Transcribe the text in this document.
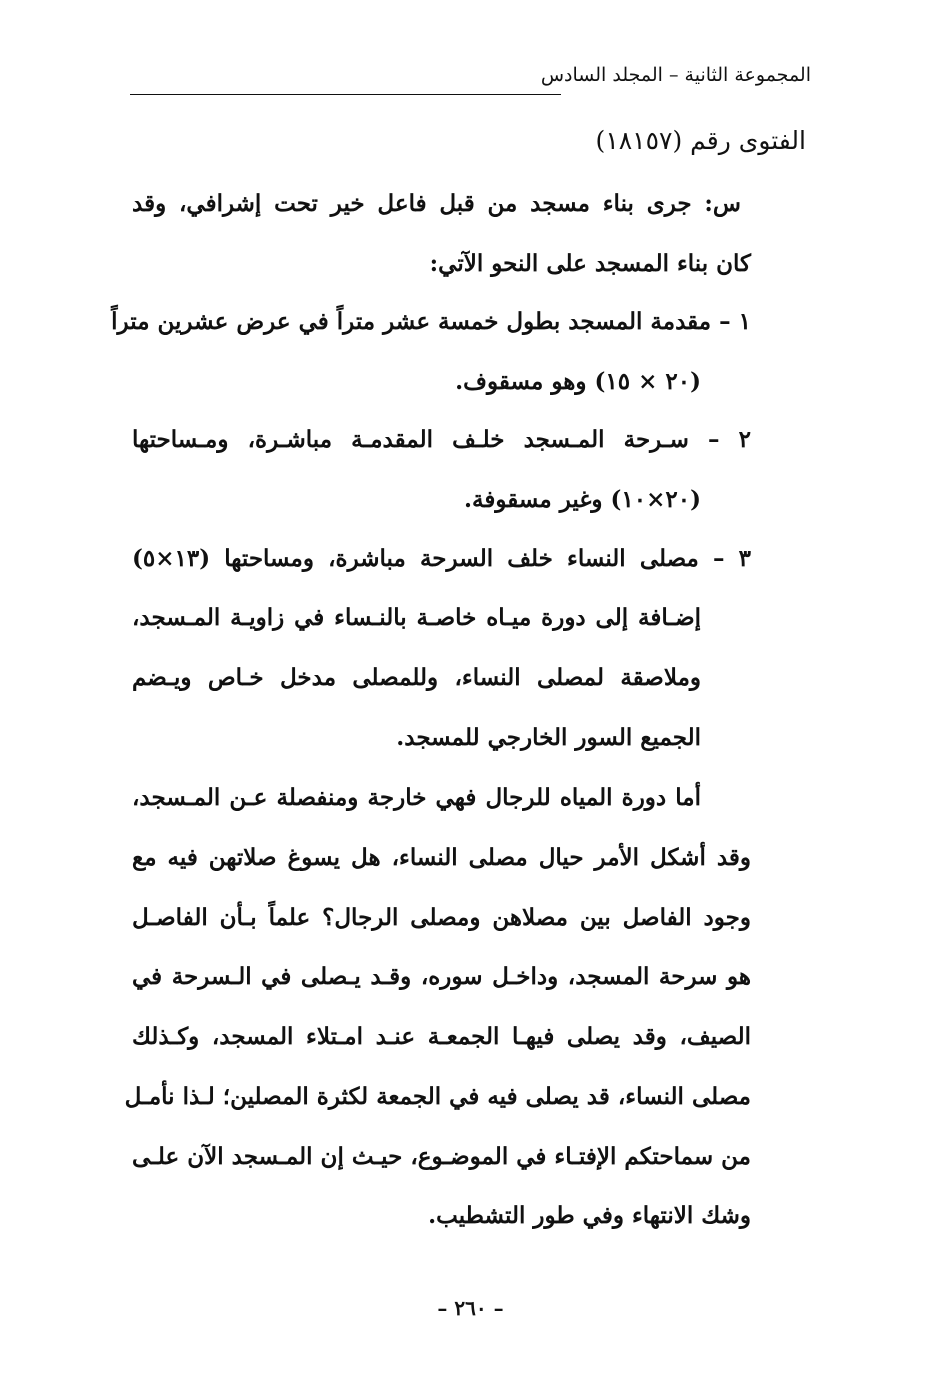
المجموعة الثانية – المجلد السادس
الفتوى رقم (١٨١٥٧)
س: جرى بناء مسجد من قبل فاعل خير تحت إشرافي، وقد
كان بناء المسجد على النحو الآتي:
١ – مقدمة المسجد بطول خمسة عشر متراً في عرض عشرين متراً
(٢٠ × ١٥) وهو مسقوف.
٢ – سـرحة المـسجد خلـف المقدمـة مباشـرة، ومـساحتها
(٢٠×١٠) وغير مسقوفة.
٣ – مصلى النساء خلف السرحة مباشرة، ومساحتها (١٣×٥)
إضـافة إلى دورة ميـاه خاصـة بالنـساء في زاويـة المـسجد،
وملاصقة لمصلى النساء، وللمصلى مدخل خـاص ويـضم
الجميع السور الخارجي للمسجد.
أما دورة المياه للرجال فهي خارجة ومنفصلة عـن المـسجد،
وقد أشكل الأمر حيال مصلى النساء، هل يسوغ صلاتهن فيه مع
وجود الفاصل بين مصلاهن ومصلى الرجال؟ علماً بـأن الفاصـل
هو سرحة المسجد، وداخـل سوره، وقـد يـصلى في الـسرحة في
الصيف، وقد يصلى فيهـا الجمعـة عنـد امـتلاء المسجد، وكـذلك
مصلى النساء، قد يصلى فيه في الجمعة لكثرة المصلين؛ لـذا نأمـل
من سماحتكم الإفتـاء في الموضـوع، حيـث إن المـسجد الآن علـى
وشك الانتهاء وفي طور التشطيب.
– ٢٦٠ –
